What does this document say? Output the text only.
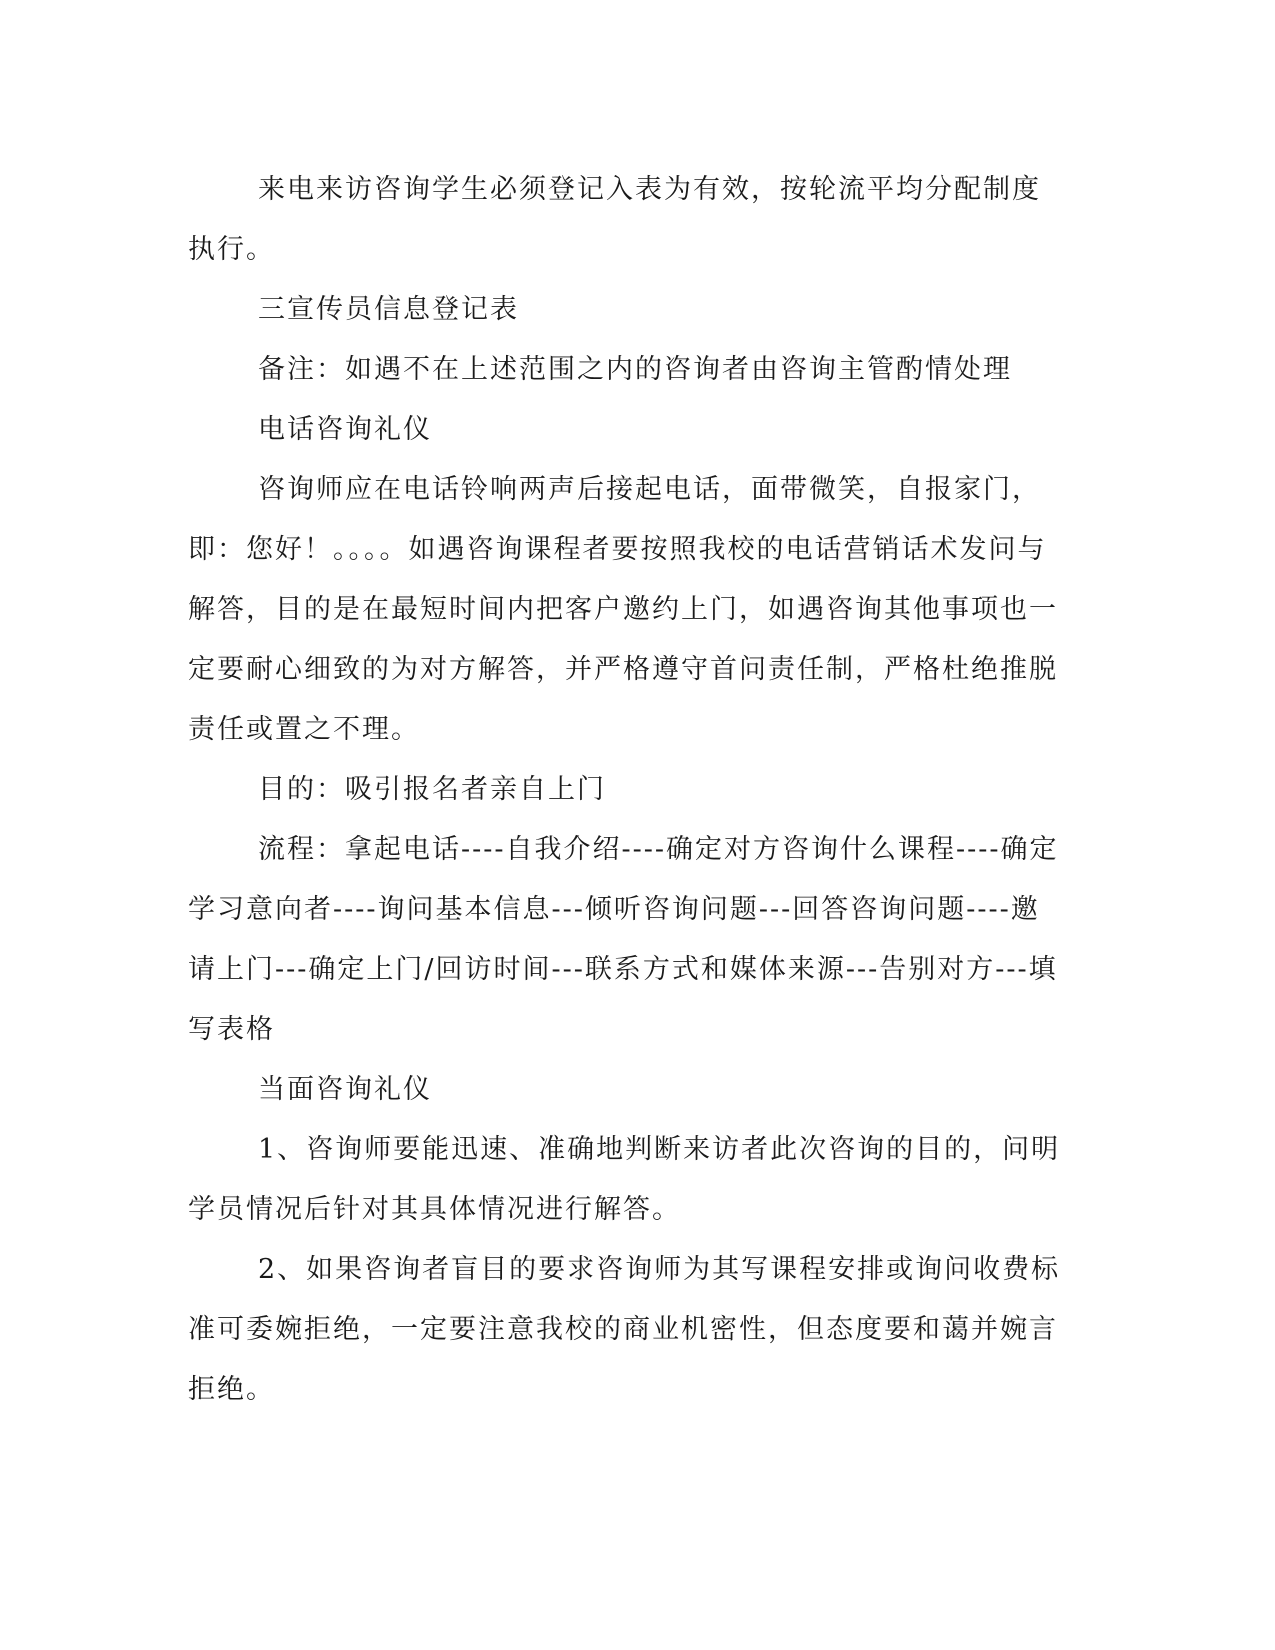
来电来访咨询学生必须登记入表为有效，按轮流平均分配制度执行。

三宣传员信息登记表

备注：如遇不在上述范围之内的咨询者由咨询主管酌情处理

电话咨询礼仪

咨询师应在电话铃响两声后接起电话，面带微笑，自报家门，即：您好！。。。。如遇咨询课程者要按照我校的电话营销话术发问与解答，目的是在最短时间内把客户邀约上门，如遇咨询其他事项也一定要耐心细致的为对方解答，并严格遵守首问责任制，严格杜绝推脱责任或置之不理。

目的：吸引报名者亲自上门

流程：拿起电话----自我介绍----确定对方咨询什么课程----确定学习意向者----询问基本信息---倾听咨询问题---回答咨询问题----邀请上门---确定上门/回访时间---联系方式和媒体来源---告别对方---填写表格

当面咨询礼仪

1、咨询师要能迅速、准确地判断来访者此次咨询的目的，问明学员情况后针对其具体情况进行解答。

2、如果咨询者盲目的要求咨询师为其写课程安排或询问收费标准可委婉拒绝，一定要注意我校的商业机密性，但态度要和蔼并婉言拒绝。
